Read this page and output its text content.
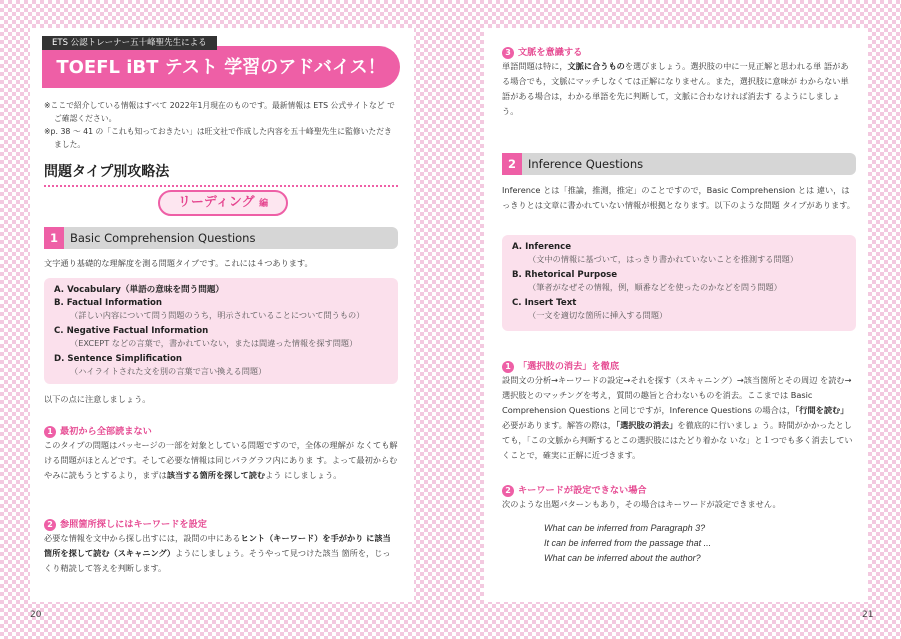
ETS 公認トレーナー五十峰聖先生による
TOEFL iBT テスト 学習のアドバイス！
※ここで紹介している情報はすべて 2022年1月現在のものです。最新情報は ETS 公式サイトなど でご確認ください。
※p. 38 ～ 41 の「これも知っておきたい」は旺文社で作成した内容を五十峰聖先生に監修いただきました。
問題タイプ別攻略法
リーディング 編
1 Basic Comprehension Questions
文字通り基礎的な理解度を測る問題タイプです。これには４つあります。
A. Vocabulary（単語の意味を問う問題）
B. Factual Information
（詳しい内容について問う問題のうち，明示されていることについて問うもの）
C. Negative Factual Information
（EXCEPT などの言葉で，書かれていない，または間違った情報を探す問題）
D. Sentence Simplification
（ハイライトされた文を別の言葉で言い換える問題）
以下の点に注意しましょう。
1 最初から全部読まない
このタイプの問題はパッセージの一部を対象としている問題ですので，全体の理解が なくても解ける問題がほとんどです。そして必要な情報は同じパラグラフ内にありま す。よって最初からむやみに読もうとするより，まずは該当する箇所を探して読むよう にしましょう。
2 参照箇所探しにはキーワードを設定
必要な情報を文中から探し出すには，設問の中にあるヒント（キーワード）を手がかり に該当箇所を探して読む（スキャニング）ようにしましょう。そうやって見つけた該当 箇所を，じっくり精読して答えを判断します。
3 文脈を意識する
単語問題は特に，文脈に合うものを選びましょう。選択肢の中に一見正解と思われる単 語がある場合でも，文脈にマッチしなくては正解になりません。また，選択肢に意味が わからない単語がある場合は，わかる単語を先に判断して，文脈に合わなければ消去す るようにしましょう。
2 Inference Questions
Inference とは「推論，推測，推定」のことですので，Basic Comprehension とは 違い，はっきりとは文章に書かれていない情報が根拠となります。以下のような問題 タイプがあります。
A. Inference
（文中の情報に基づいて，はっきり書かれていないことを推測する問題）
B. Rhetorical Purpose
（筆者がなぜその情報，例，順番などを使ったのかなどを問う問題）
C. Insert Text
（一文を適切な箇所に挿入する問題）
1 「選択肢の消去」を徹底
設問文の分析→キーワードの設定→それを探す（スキャニング）→該当箇所とその周辺 を読む→選択肢とのマッチングを考え，質問の趣旨と合わないものを消去。ここまでは Basic Comprehension Questions と同じですが，Inference Questions の場合は，「行間を読む」必要があります。解答の際は，「選択肢の消去」を徹底的に行いましょ う。時間がかかったとしても，「この文脈から判断するとこの選択肢にはたどり着かな いな」と１つでも多く消去していくことで，確実に正解に近づきます。
2 キーワードが設定できない場合
次のような出題パターンもあり，その場合はキーワードが設定できません。
What can be inferred from Paragraph 3?
It can be inferred from the passage that ...
What can be inferred about the author?
20	21
